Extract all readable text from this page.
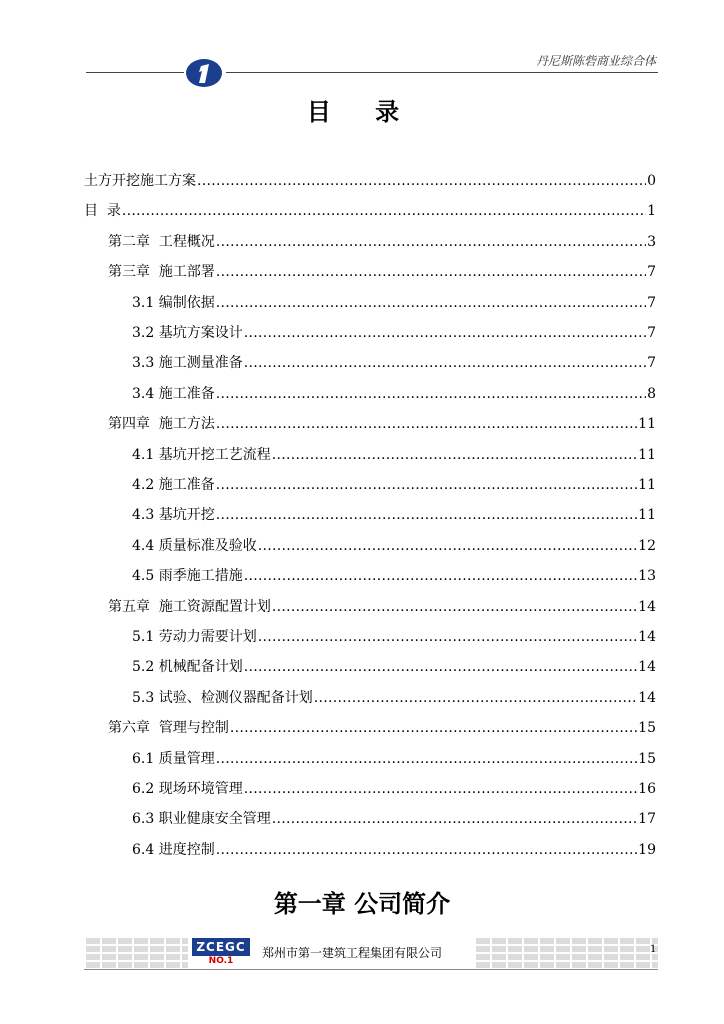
丹尼斯陈砦商业综合体
目 录
土方开挖施工方案 .....	0
目  录 .....	1
第二章  工程概况 .....	3
第三章  施工部署 .....	7
3.1 编制依据 .....	7
3.2 基坑方案设计 .....	7
3.3 施工测量准备 .....	7
3.4 施工准备 .....	8
第四章  施工方法 .....	11
4.1 基坑开挖工艺流程 .....	11
4.2 施工准备 .....	11
4.3 基坑开挖 .....	11
4.4 质量标准及验收 .....	12
4.5 雨季施工措施 .....	13
第五章  施工资源配置计划 .....	14
5.1 劳动力需要计划 .....	14
5.2 机械配备计划 .....	14
5.3 试验、检测仪器配备计划 .....	14
第六章  管理与控制 .....	15
6.1 质量管理 .....	15
6.2 现场环境管理 .....	16
6.3 职业健康安全管理 .....	17
6.4 进度控制 .....	19
第一章 公司简介
ZCEGC
NO.1
郑州市第一建筑工程集团有限公司	1
